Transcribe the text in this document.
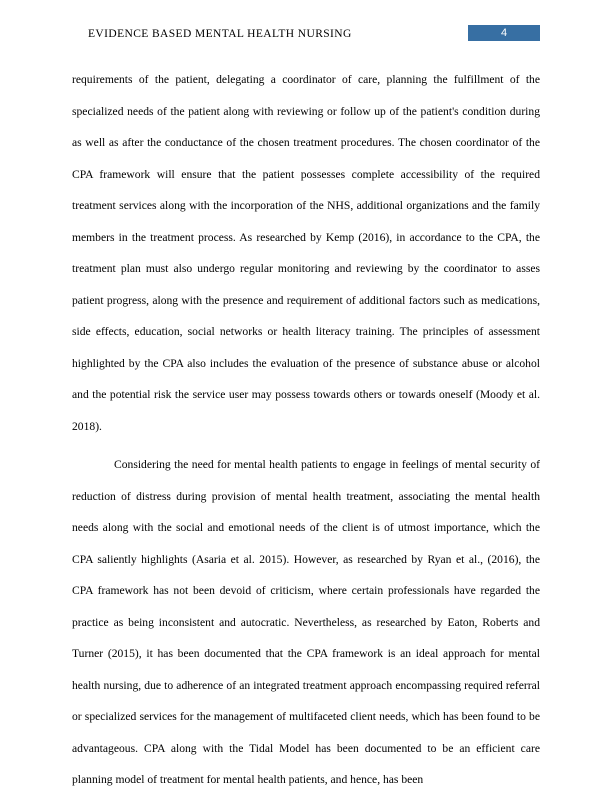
EVIDENCE BASED MENTAL HEALTH NURSING	4

requirements of the patient, delegating a coordinator of care, planning the fulfillment of the specialized needs of the patient along with reviewing or follow up of the patient's condition during as well as after the conductance of the chosen treatment procedures. The chosen coordinator of the CPA framework will ensure that the patient possesses complete accessibility of the required treatment services along with the incorporation of the NHS, additional organizations and the family members in the treatment process. As researched by Kemp (2016), in accordance to the CPA, the treatment plan must also undergo regular monitoring and reviewing by the coordinator to asses patient progress, along with the presence and requirement of additional factors such as medications, side effects, education, social networks or health literacy training. The principles of assessment highlighted by the CPA also includes the evaluation of the presence of substance abuse or alcohol and the potential risk the service user may possess towards others or towards oneself (Moody et al. 2018).

Considering the need for mental health patients to engage in feelings of mental security of reduction of distress during provision of mental health treatment, associating the mental health needs along with the social and emotional needs of the client is of utmost importance, which the CPA saliently highlights (Asaria et al. 2015). However, as researched by Ryan et al., (2016), the CPA framework has not been devoid of criticism, where certain professionals have regarded the practice as being inconsistent and autocratic. Nevertheless, as researched by Eaton, Roberts and Turner (2015), it has been documented that the CPA framework is an ideal approach for mental health nursing, due to adherence of an integrated treatment approach encompassing required referral or specialized services for the management of multifaceted client needs, which has been found to be advantageous. CPA along with the Tidal Model has been documented to be an efficient care planning model of treatment for mental health patients, and hence, has been
